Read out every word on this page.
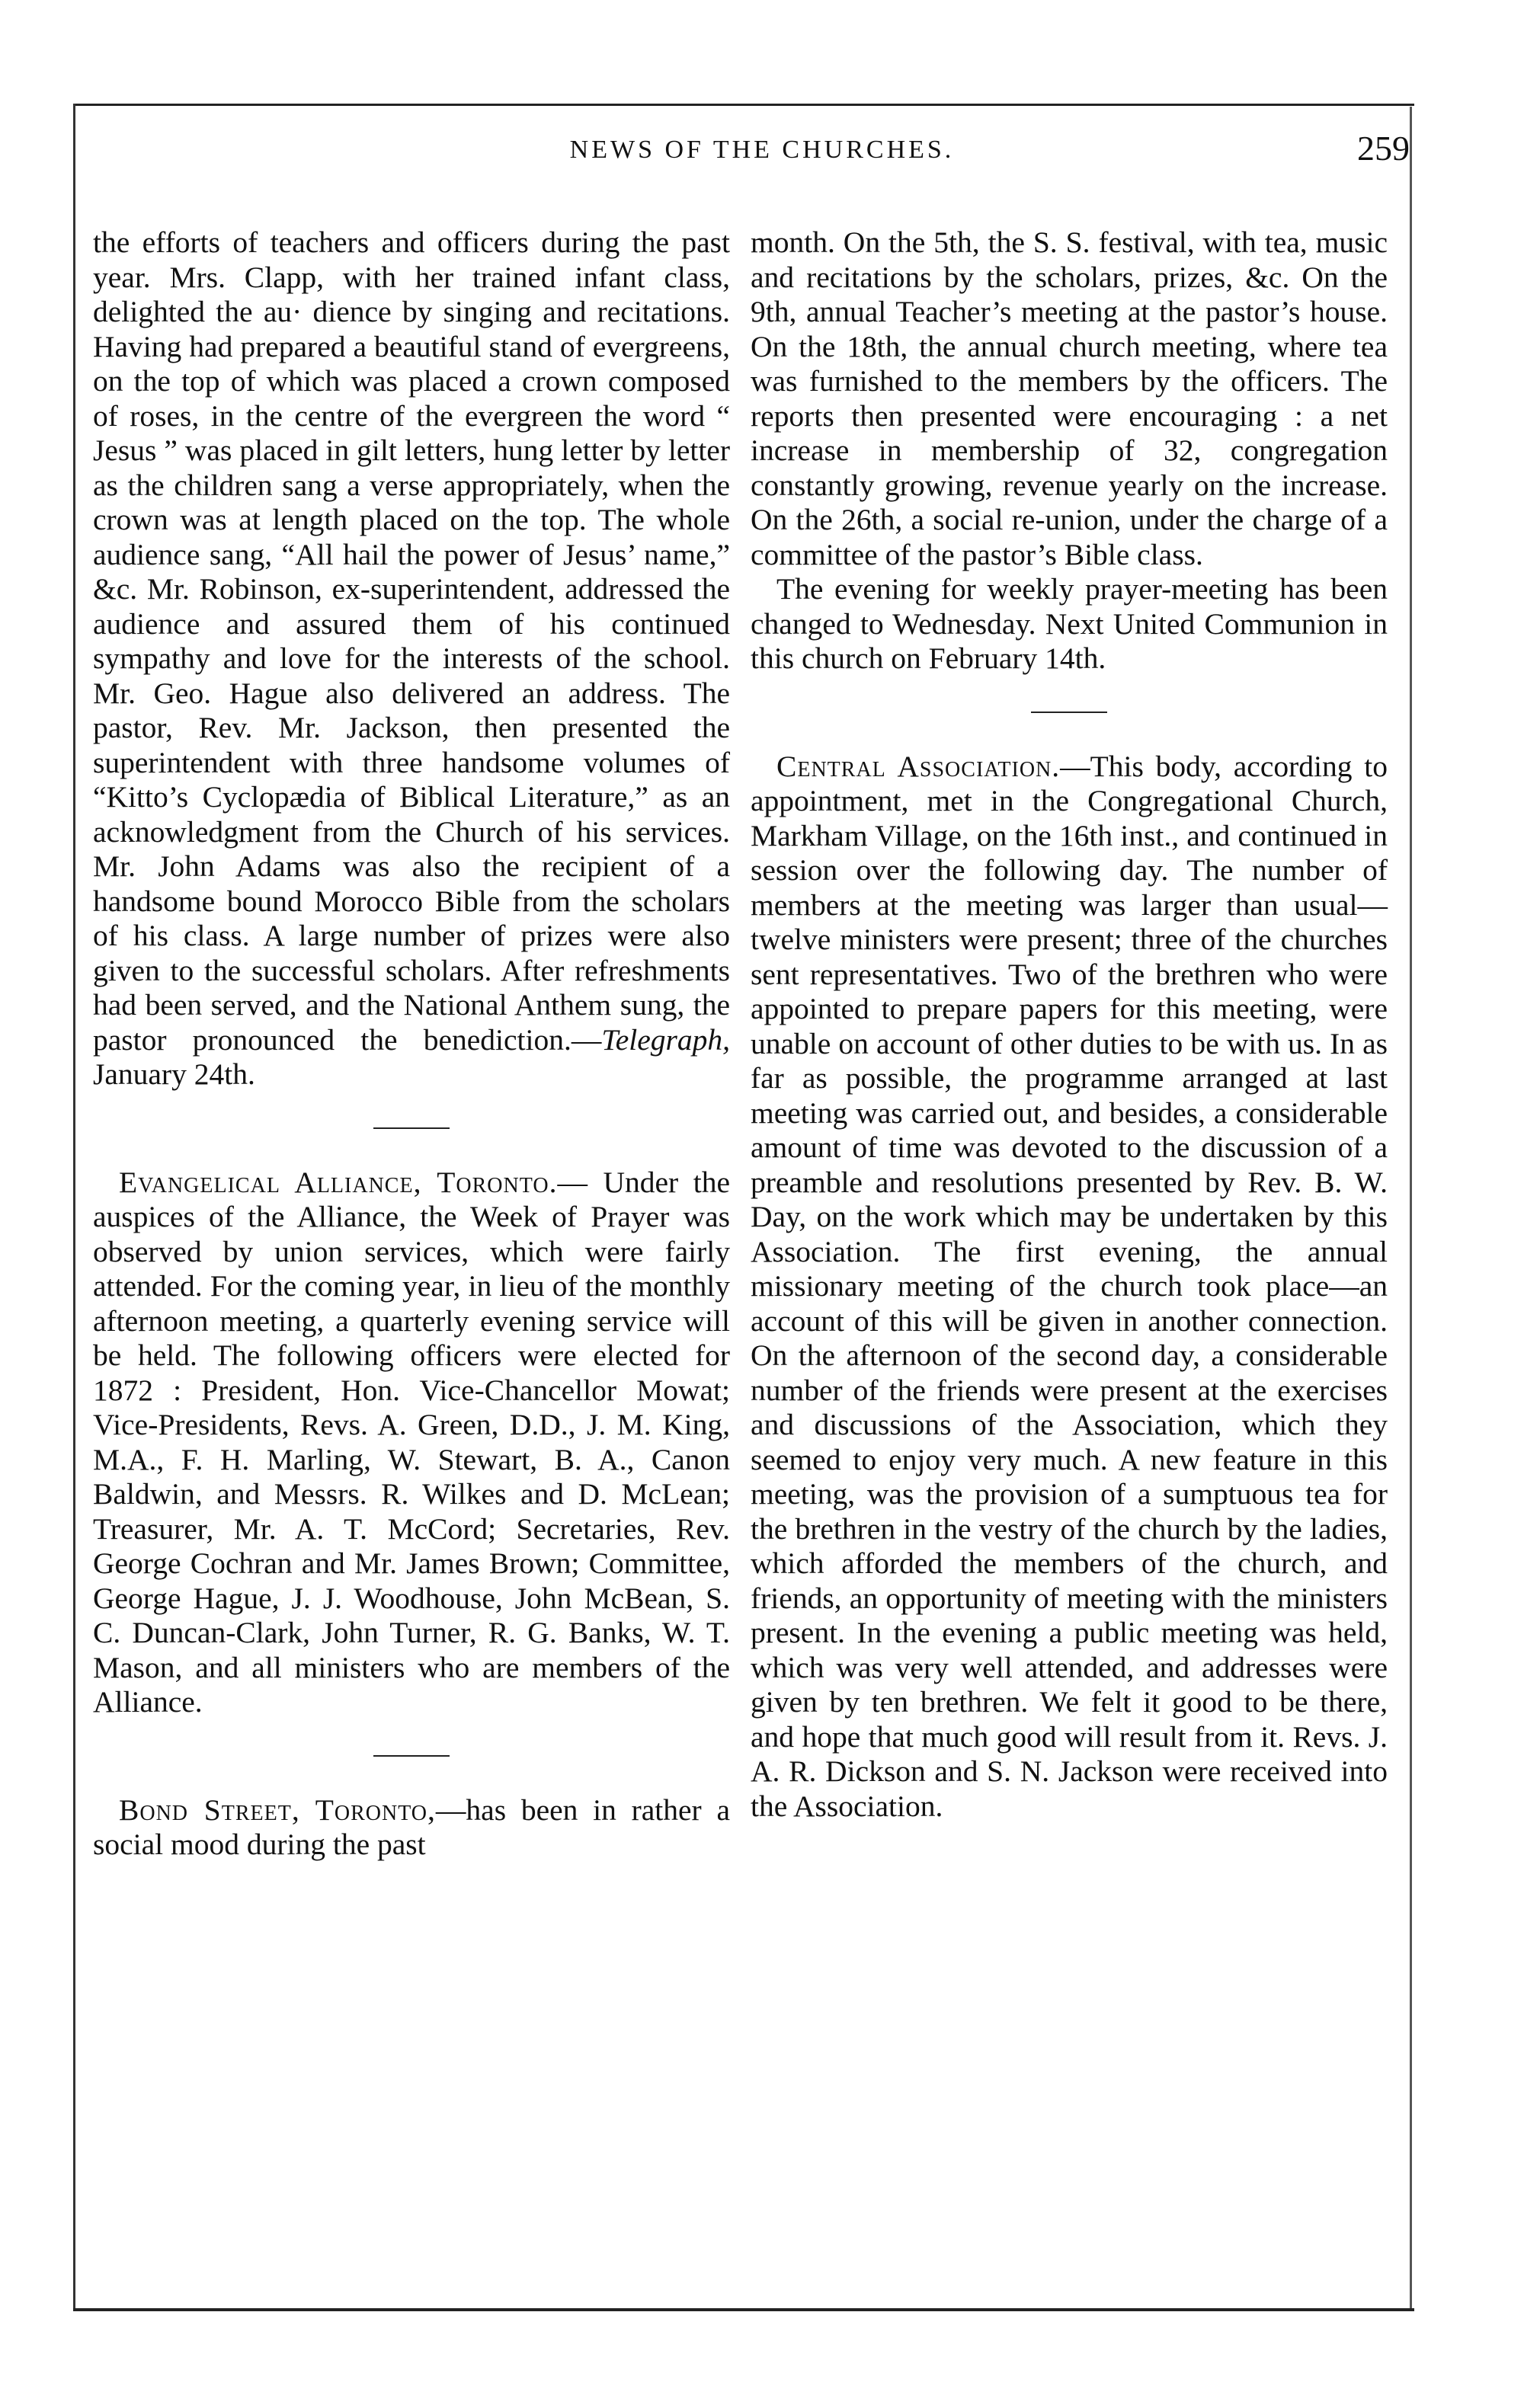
NEWS OF THE CHURCHES.	259

the efforts of teachers and officers during the past year. Mrs. Clapp, with her trained infant class, delighted the au· dience by singing and recitations. Having had prepared a beautiful stand of evergreens, on the top of which was placed a crown composed of roses, in the centre of the evergreen the word “ Jesus ” was placed in gilt letters, hung letter by letter as the children sang a verse appropriately, when the crown was at length placed on the top. The whole audience sang, “All hail the power of Jesus’ name,” &c. Mr. Robinson, ex-superintendent, addressed the audience and assured them of his continued sympathy and love for the interests of the school. Mr. Geo. Hague also delivered an address. The pastor, Rev. Mr. Jackson, then presented the superintendent with three handsome volumes of “Kitto’s Cyclopædia of Biblical Literature,” as an acknowledgment from the Church of his services. Mr. John Adams was also the recipient of a handsome bound Morocco Bible from the scholars of his class. A large number of prizes were also given to the successful scholars. After refreshments had been served, and the National Anthem sung, the pastor pronounced the benediction.—Telegraph, January 24th.

Evangelical Alliance, Toronto.— Under the auspices of the Alliance, the Week of Prayer was observed by union services, which were fairly attended. For the coming year, in lieu of the monthly afternoon meeting, a quarterly evening service will be held. The following officers were elected for 1872 : President, Hon. Vice-Chancellor Mowat; Vice-Presidents, Revs. A. Green, D.D., J. M. King, M.A., F. H. Marling, W. Stewart, B. A., Canon Baldwin, and Messrs. R. Wilkes and D. McLean; Treasurer, Mr. A. T. McCord; Secretaries, Rev. George Cochran and Mr. James Brown; Committee, George Hague, J. J. Woodhouse, John McBean, S. C. Duncan-Clark, John Turner, R. G. Banks, W. T. Mason, and all ministers who are members of the Alliance.

Bond Street, Toronto,—has been in rather a social mood during the past

month. On the 5th, the S. S. festival, with tea, music and recitations by the scholars, prizes, &c. On the 9th, annual Teacher’s meeting at the pastor’s house. On the 18th, the annual church meeting, where tea was furnished to the members by the officers. The reports then presented were encouraging : a net increase in membership of 32, congregation constantly growing, revenue yearly on the increase. On the 26th, a social re-union, under the charge of a committee of the pastor’s Bible class.

The evening for weekly prayer-meeting has been changed to Wednesday. Next United Communion in this church on February 14th.

Central Association.—This body, according to appointment, met in the Congregational Church, Markham Village, on the 16th inst., and continued in session over the following day. The number of members at the meeting was larger than usual—twelve ministers were present; three of the churches sent representatives. Two of the brethren who were appointed to prepare papers for this meeting, were unable on account of other duties to be with us. In as far as possible, the programme arranged at last meeting was carried out, and besides, a considerable amount of time was devoted to the discussion of a preamble and resolutions presented by Rev. B. W. Day, on the work which may be undertaken by this Association. The first evening, the annual missionary meeting of the church took place—an account of this will be given in another connection. On the afternoon of the second day, a considerable number of the friends were present at the exercises and discussions of the Association, which they seemed to enjoy very much. A new feature in this meeting, was the provision of a sumptuous tea for the brethren in the vestry of the church by the ladies, which afforded the members of the church, and friends, an opportunity of meeting with the ministers present. In the evening a public meeting was held, which was very well attended, and addresses were given by ten brethren. We felt it good to be there, and hope that much good will result from it. Revs. J. A. R. Dickson and S. N. Jackson were received into the Association.
